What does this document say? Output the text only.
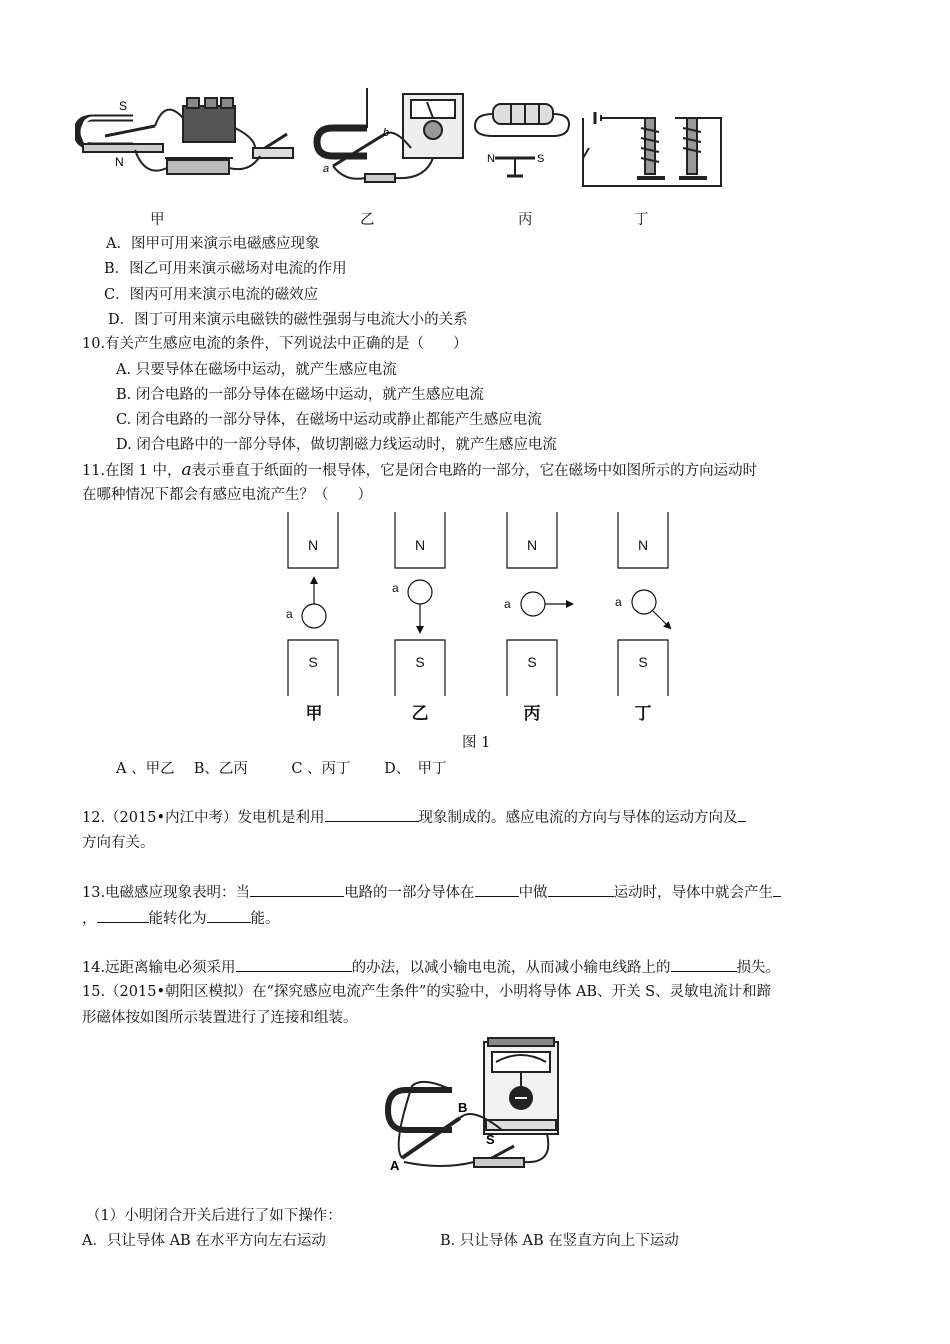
S
N	a
b
N	S
甲	乙	丙	丁
A．图甲可用来演示电磁感应现象
B．图乙可用来演示磁场对电流的作用
C．图丙可用来演示电流的磁效应
D．图丁可用来演示电磁铁的磁性强弱与电流大小的关系
10.有关产生感应电流的条件，下列说法中正确的是（　　）
A. 只要导体在磁场中运动，就产生感应电流
B. 闭合电路的一部分导体在磁场中运动，就产生感应电流
C. 闭合电路的一部分导体，在磁场中运动或静止都能产生感应电流
D. 闭合电路中的一部分导体，做切割磁力线运动时，就产生感应电流
11.在图 1 中，a表示垂直于纸面的一根导体，它是闭合电路的一部分，它在磁场中如图所示的方向运动时
在哪种情况下都会有感应电流产生？（　　）
N
S
N
S
N
S
N
S
a
a
a	a
甲	乙	丙	丁
图 1
A 、甲乙　 B、乙丙　　　C 、丙丁　　 D、　甲丁
12.（2015•内江中考）发电机是利用	现象制成的。感应电流的方向与导体的运动方向及
方向有关。
13.电磁感应现象表明：当	电路的一部分导体在	中做	运动时，导体中就会产生
，	能转化为	能。
14.远距离输电必须采用	的办法，以减小输电电流，从而减小输电线路上的	损失。
15.（2015•朝阳区模拟）在“探究感应电流产生条件”的实验中，小明将导体 AB、开关 S、灵敏电流计和蹄
形磁体按如图所示装置进行了连接和组装。
B
A
S
（1）小明闭合开关后进行了如下操作：
A．只让导体 AB 在水平方向左右运动	B. 只让导体 AB 在竖直方向上下运动
